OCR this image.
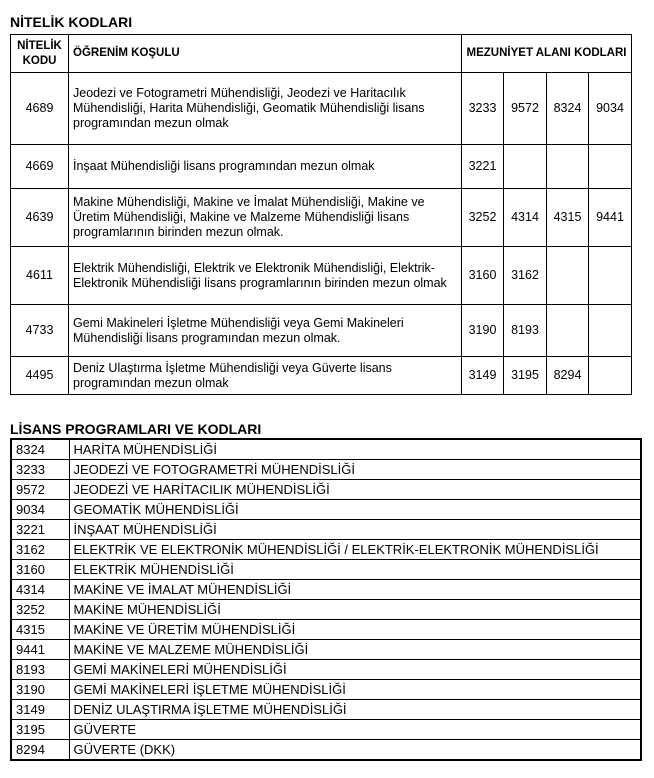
NİTELİK KODLARI
NİTELİK KODU	ÖĞRENİM KOŞULU	MEZUNİYET ALANI KODLARI			
4689	Jeodezi ve Fotogrametri Mühendisliği, Jeodezi ve Haritacılık Mühendisliği, Harita Mühendisliği, Geomatik Mühendisliği lisans programından mezun olmak	3233	9572	8324	9034
4669	İnşaat Mühendisliği lisans programından mezun olmak	3221			
4639	Makine Mühendisliği, Makine ve İmalat Mühendisliği, Makine ve Üretim Mühendisliği, Makine ve Malzeme Mühendisliği lisans programlarının birinden mezun olmak.	3252	4314	4315	9441
4611	Elektrik Mühendisliği, Elektrik ve Elektronik Mühendisliği, Elektrik-Elektronik Mühendisliği lisans programlarının birinden mezun olmak	3160	3162		
4733	Gemi Makineleri İşletme Mühendisliği veya Gemi Makineleri Mühendisliği lisans programından mezun olmak.	3190	8193		
4495	Deniz Ulaştırma İşletme Mühendisliği veya Güverte lisans programından mezun olmak	3149	3195	8294	
LİSANS PROGRAMLARI VE KODLARI
8324	HARİTA MÜHENDİSLİĞİ
3233	JEODEZİ VE FOTOGRAMETRİ MÜHENDİSLİĞİ
9572	JEODEZİ VE HARİTACILIK MÜHENDİSLİĞİ
9034	GEOMATİK MÜHENDİSLİĞİ
3221	İNŞAAT MÜHENDİSLİĞİ
3162	ELEKTRİK VE ELEKTRONİK MÜHENDİSLİĞİ / ELEKTRİK-ELEKTRONİK MÜHENDİSLİĞİ
3160	ELEKTRİK MÜHENDİSLİĞİ
4314	MAKİNE VE İMALAT MÜHENDİSLİĞİ
3252	MAKİNE MÜHENDİSLİĞİ
4315	MAKİNE VE ÜRETİM MÜHENDİSLİĞİ
9441	MAKİNE VE MALZEME MÜHENDİSLİĞİ
8193	GEMİ MAKİNELERİ MÜHENDİSLİĞİ
3190	GEMİ MAKİNELERİ İŞLETME MÜHENDİSLİĞİ
3149	DENİZ ULAŞTIRMA İŞLETME MÜHENDİSLİĞİ
3195	GÜVERTE
8294	GÜVERTE (DKK)
